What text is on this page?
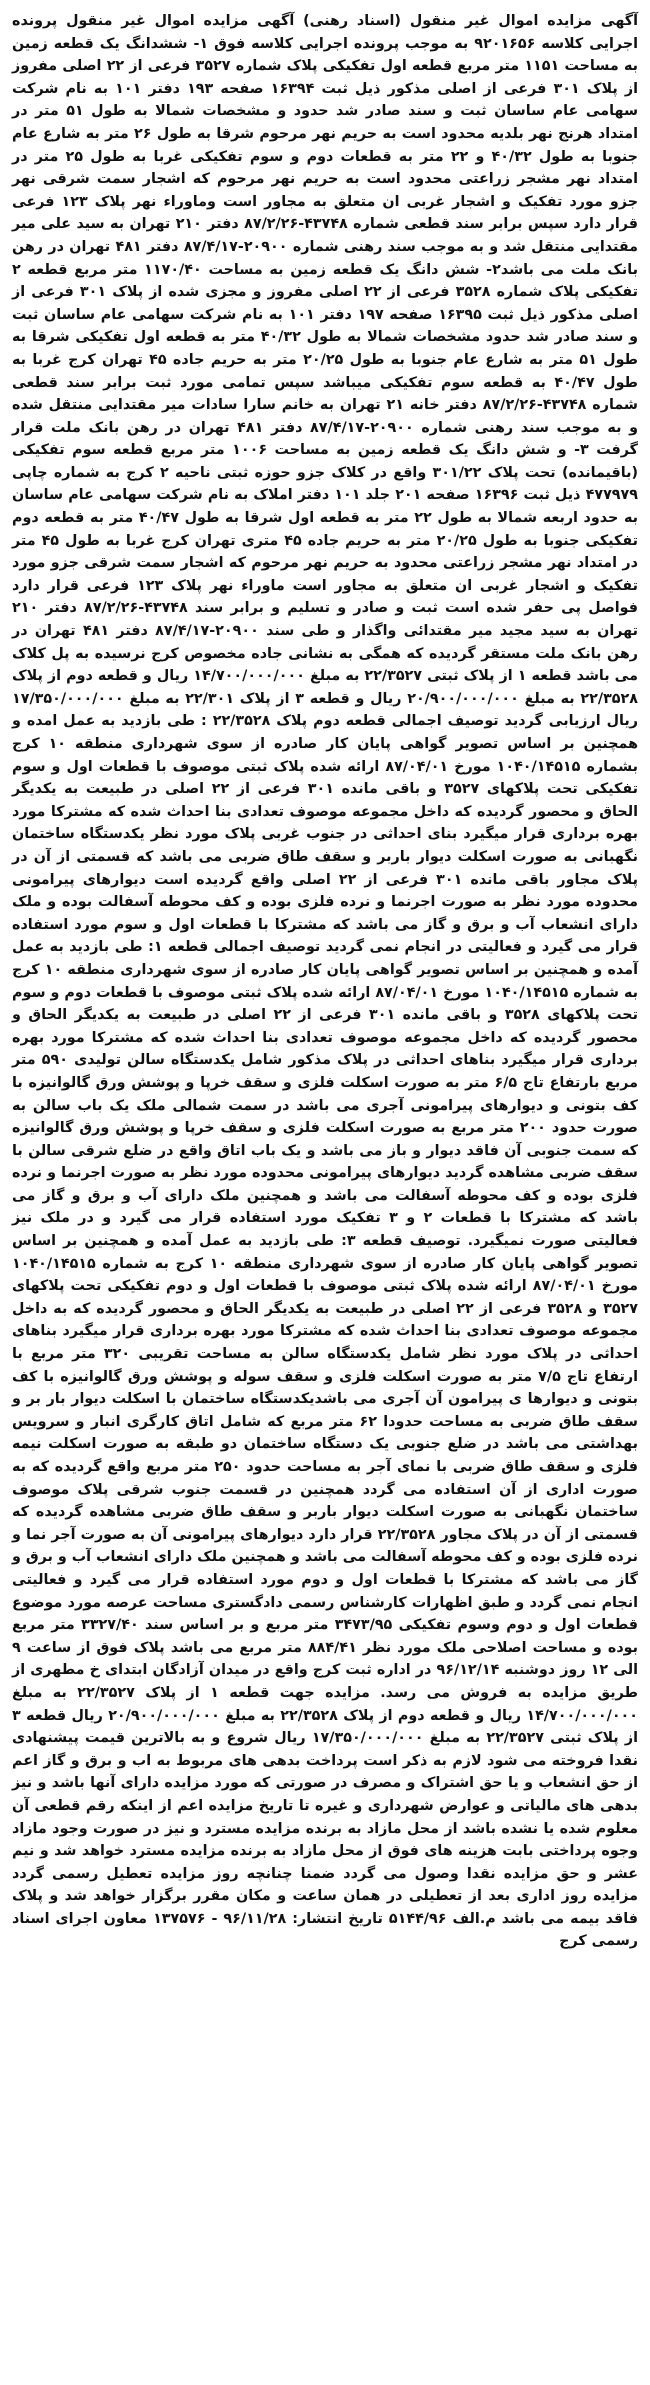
آگهی مزایده اموال غیر منقول (اسناد رهنی) آگهی مزایده اموال غیر منقول پرونده اجرایی کلاسه ۹۲۰۱۶۵۶ به موجب پرونده اجرایی کلاسه فوق ۱- ششدانگ یک قطعه زمین به مساحت ۱۱۵۱ متر مربع قطعه اول تفکیکی پلاک شماره ۳۵۲۷ فرعی از ۲۲ اصلی مفروز از پلاک ۳۰۱ فرعی از اصلی مذکور ذیل ثبت ۱۶۳۹۴ صفحه ۱۹۳ دفتر ۱۰۱ به نام شرکت سهامی عام ساسان ثبت و سند صادر شد حدود و مشخصات شمالا به طول ۵۱ متر در امتداد هرنج نهر بلدیه محدود است به حریم نهر مرحوم شرقا به طول ۲۶ متر به شارع عام جنوبا به طول ۴۰/۳۲ و ۲۲ متر به قطعات دوم و سوم تفکیکی غربا به طول ۲۵ متر در امتداد نهر مشجر زراعتی محدود است به حریم نهر مرحوم که اشجار سمت شرقی نهر جزو مورد تفکیک و اشجار غربی ان متعلق به مجاور است وماوراء نهر پلاک ۱۲۳ فرعی قرار دارد سپس برابر سند قطعی شماره ۴۳۷۴۸-۸۷/۲/۲۶ دفتر ۲۱۰ تهران به سید علی میر مقتدایی منتقل شد و به موجب سند رهنی شماره ۲۰۹۰۰-۸۷/۴/۱۷ دفتر ۴۸۱ تهران در رهن بانک ملت می باشد۲- شش دانگ یک قطعه زمین به مساحت ۱۱۷۰/۴۰ متر مربع قطعه ۲ تفکیکی پلاک شماره ۳۵۲۸ فرعی از ۲۲ اصلی مفروز و مجزی شده از پلاک ۳۰۱ فرعی از اصلی مذکور ذیل ثبت ۱۶۳۹۵ صفحه ۱۹۷ دفتر ۱۰۱ به نام شرکت سهامی عام ساسان ثبت و سند صادر شد حدود مشخصات شمالا به طول ۴۰/۳۲ متر به قطعه اول تفکیکی شرقا به طول ۵۱ متر به شارع عام جنوبا به طول ۲۰/۲۵ متر به حریم جاده ۴۵ تهران کرج غربا به طول ۴۰/۴۷ به قطعه سوم تفکیکی میباشد سپس تمامی مورد ثبت برابر سند قطعی شماره ۴۳۷۴۸-۸۷/۲/۲۶ دفتر خانه ۲۱ تهران به خانم سارا سادات میر مقتدایی منتقل شده و به موجب سند رهنی شماره ۲۰۹۰۰-۸۷/۴/۱۷ دفتر ۴۸۱ تهران در رهن بانک ملت قرار گرفت ۳- و شش دانگ یک قطعه زمین به مساحت ۱۰۰۶ متر مربع قطعه سوم تفکیکی (باقیمانده) تحت پلاک ۳۰۱/۲۲ واقع در کلاک جزو حوزه ثبتی ناحیه ۲ کرج به شماره چاپی ۴۷۷۹۷۹ ذیل ثبت ۱۶۳۹۶ صفحه ۲۰۱ جلد ۱۰۱ دفتر املاک به نام شرکت سهامی عام ساسان به حدود اربعه شمالا به طول ۲۲ متر به قطعه اول شرقا به طول ۴۰/۴۷ متر به قطعه دوم تفکیکی جنوبا به طول ۲۰/۲۵ متر به حریم جاده ۴۵ متری تهران کرج غربا به طول ۴۵ متر در امتداد نهر مشجر زراعتی محدود به حریم نهر مرحوم که اشجار سمت شرقی جزو مورد تفکیک و اشجار غربی ان متعلق به مجاور است ماوراء نهر پلاک ۱۲۳ فرعی قرار دارد فواصل پی حفر شده است ثبت و صادر و تسلیم و برابر سند ۴۳۷۴۸-۸۷/۲/۲۶ دفتر ۲۱۰ تهران به سید مجید میر مقتدائی واگذار و طی سند ۲۰۹۰۰-۸۷/۴/۱۷ دفتر ۴۸۱ تهران در رهن بانک ملت مستقر گردیده که همگی به نشانی جاده مخصوص کرج نرسیده به پل کلاک می باشد قطعه ۱ از پلاک ثبتی ۲۲/۳۵۲۷ به مبلغ ۱۴/۷۰۰/۰۰۰/۰۰۰ ریال و قطعه دوم از پلاک ۲۲/۳۵۲۸ به مبلغ ۲۰/۹۰۰/۰۰۰/۰۰۰ ریال و قطعه ۳ از پلاک ۲۲/۳۰۱ به مبلغ ۱۷/۳۵۰/۰۰۰/۰۰۰ ریال ارزیابی گردید توصیف اجمالی قطعه دوم پلاک ۲۲/۳۵۲۸ : طی بازدید به عمل امده و همچنین بر اساس تصویر گواهی پایان کار صادره از سوی شهرداری منطقه ۱۰ کرج بشماره ۱۰۴۰/۱۴۵۱۵ مورخ ۸۷/۰۴/۰۱ ارائه شده پلاک ثبتی موصوف با قطعات اول و سوم تفکیکی تحت پلاکهای ۳۵۲۷ و باقی مانده ۳۰۱ فرعی از ۲۲ اصلی در طبیعت به یکدیگر الحاق و محصور گردیده که داخل مجموعه موصوف تعدادی بنا احداث شده که مشترکا مورد بهره برداری قرار میگیرد بنای احداثی در جنوب غربی پلاک مورد نظر یکدستگاه ساختمان نگهبانی به صورت اسکلت دیوار باربر و سقف طاق ضربی می باشد که قسمتی از آن در پلاک مجاور باقی مانده ۳۰۱ فرعی از ۲۲ اصلی واقع گردیده است دیوارهای پیرامونی محدوده مورد نظر به صورت اجرنما و نرده فلزی بوده و کف محوطه آسفالت بوده و ملک دارای انشعاب آب و برق و گاز می باشد که مشترکا با قطعات اول و سوم مورد استفاده قرار می گیرد و فعالیتی در انجام نمی گردید توصیف اجمالی قطعه ۱: طی بازدید به عمل آمده و همچنین بر اساس تصویر گواهی پایان کار صادره از سوی شهرداری منطقه ۱۰ کرج به شماره ۱۰۴۰/۱۴۵۱۵ مورخ ۸۷/۰۴/۰۱ ارائه شده پلاک ثبتی موصوف با قطعات دوم و سوم تحت پلاکهای ۳۵۲۸ و باقی مانده ۳۰۱ فرعی از ۲۲ اصلی در طبیعت به یکدیگر الحاق و محصور گردیده که داخل مجموعه موصوف تعدادی بنا احداث شده که مشترکا مورد بهره برداری قرار میگیرد بناهای احداثی در پلاک مذکور شامل یکدستگاه سالن تولیدی ۵۹۰ متر مربع بارتفاع تاج ۶/۵ متر به صورت اسکلت فلزی و سقف خرپا و پوشش ورق گالوانیزه با کف بتونی و دیوارهای پیرامونی آجری می باشد در سمت شمالی ملک یک باب سالن به صورت حدود ۲۰۰ متر مربع به صورت اسکلت فلزی و سقف خرپا و پوشش ورق گالوانیزه که سمت جنوبی آن فاقد دیوار و باز می باشد و یک باب اتاق واقع در ضلع شرقی سالن با سقف ضربی مشاهده گردید دیوارهای پیرامونی محدوده مورد نظر به صورت اجرنما و نرده فلزی بوده و کف محوطه آسفالت می باشد و همچنین ملک دارای آب و برق و گاز می باشد که مشترکا با قطعات ۲ و ۳ تفکیک مورد استفاده قرار می گیرد و در ملک نیز فعالیتی صورت نمیگیرد. توصیف قطعه ۳: طی بازدید به عمل آمده و همچنین بر اساس تصویر گواهی پایان کار صادره از سوی شهرداری منطقه ۱۰ کرج به شماره ۱۰۴۰/۱۴۵۱۵ مورخ ۸۷/۰۴/۰۱ ارائه شده پلاک ثبتی موصوف با قطعات اول و دوم تفکیکی تحت پلاکهای ۳۵۲۷ و ۳۵۲۸ فرعی از ۲۲ اصلی در طبیعت به یکدیگر الحاق و محصور گردیده که به داخل مجموعه موصوف تعدادی بنا احداث شده که مشترکا مورد بهره برداری قرار میگیرد بناهای احداثی در پلاک مورد نظر شامل یکدستگاه سالن به مساحت تقریبی ۳۲۰ متر مربع با ارتفاع تاج ۷/۵ متر به صورت اسکلت فلزی و سقف سوله و پوشش ورق گالوانیزه با کف بتونی و دیوارها ی پیرامون آن آجری می باشدیکدستگاه ساختمان با اسکلت دیوار بار بر و سقف طاق ضربی به مساحت حدودا ۶۲ متر مربع که شامل اتاق کارگری انبار و سرویس بهداشتی می باشد در ضلع جنوبی یک دستگاه ساختمان دو طبقه به صورت اسکلت نیمه فلزی و سقف طاق ضربی با نمای آجر به مساحت حدود ۲۵۰ متر مربع واقع گردیده که به صورت اداری از آن استفاده می گردد همچنین در قسمت جنوب شرقی پلاک موصوف ساختمان نگهبانی به صورت اسکلت دیوار باربر و سقف طاق ضربی مشاهده گردیده که قسمتی از آن در پلاک مجاور ۲۲/۳۵۲۸ قرار دارد دیوارهای پیرامونی آن به صورت آجر نما و نرده فلزی بوده و کف محوطه آسفالت می باشد و همچنین ملک دارای انشعاب آب و برق و گاز می باشد که مشترکا با قطعات اول و دوم مورد استفاده قرار می گیرد و فعالیتی انجام نمی گردد و طبق اظهارات کارشناس رسمی دادگستری مساحت عرصه مورد موضوع قطعات اول و دوم وسوم تفکیکی ۳۴۷۳/۹۵ متر مربع و بر اساس سند ۳۳۲۷/۴۰ متر مربع بوده و مساحت اصلاحی ملک مورد نظر ۸۸۴/۴۱ متر مربع می باشد پلاک فوق از ساعت ۹ الی ۱۲ روز دوشنبه ۹۶/۱۲/۱۴ در اداره ثبت کرج واقع در میدان آزادگان ابتدای خ مطهری از طریق مزایده به فروش می رسد. مزایده جهت قطعه ۱ از پلاک ۲۲/۳۵۲۷ به مبلغ ۱۴/۷۰۰/۰۰۰/۰۰۰ ریال و قطعه دوم از پلاک ۲۲/۳۵۲۸ به مبلغ ۲۰/۹۰۰/۰۰۰/۰۰۰ ریال قطعه ۳ از پلاک ثبتی ۲۲/۳۵۲۷ به مبلغ ۱۷/۳۵۰/۰۰۰/۰۰۰ ریال شروع و به بالاترین قیمت پیشنهادی نقدا فروخته می شود لازم به ذکر است پرداخت بدهی های مربوط به اب و برق و گاز اعم از حق انشعاب و یا حق اشتراک و مصرف در صورتی که مورد مزایده دارای آنها باشد و نیز بدهی های مالیاتی و عوارض شهرداری و غیره تا تاریخ مزایده اعم از اینکه رقم قطعی آن معلوم شده یا نشده باشد از محل مازاد به برنده مزایده مسترد و نیز در صورت وجود مازاد وجوه پرداختی بابت هزینه های فوق از محل مازاد به برنده مزایده مسترد خواهد شد و نیم عشر و حق مزایده نقدا وصول می گردد ضمنا چنانچه روز مزایده تعطیل رسمی گردد مزایده روز اداری بعد از تعطیلی در همان ساعت و مکان مقرر برگزار خواهد شد و پلاک فاقد بیمه می باشد م.الف ۵۱۴۴/۹۶ تاریخ انتشار: ۹۶/۱۱/۲۸ - ۱۳۷۵۷۶ معاون اجرای اسناد رسمی کرج
